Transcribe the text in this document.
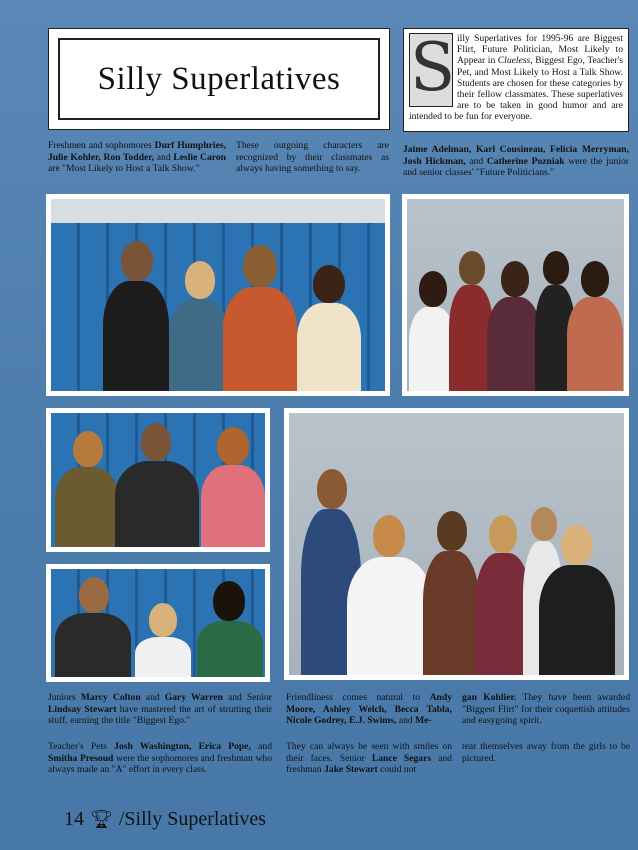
Silly Superlatives S illy Superlatives for 1995-96 are Biggest Flirt, Future Politician, Most Likely to Appear in Clueless, Biggest Ego, Teacher's Pet, and Most Likely to Host a Talk Show. Students are chosen for these categories by their fellow classmates. These superlatives are to be taken in good humor and are intended to be fun for everyone.
Freshmen and sophomores Durf Humphries, Julie Kohler, Ron Todder, and Leslie Caron are "Most Likely to Host a Talk Show."
These outgoing characters are recognized by their classmates as always having something to say.
Jaime Adelman, Karl Cousineau, Felicia Merryman, Josh Hickman, and Catherine Pozniak were the junior and senior classes' "Future Politicians."
Juniors Marcy Colton and Gary Warren and Senior Lindsay Stewart have mastered the art of strutting their stuff, earning the title "Biggest Ego."
Teacher's Pets Josh Washington, Erica Pope, and Smitha Presoud were the sophomores and freshman who always made an "A" effort in every class.
Friendliness comes natural to Andy Moore, Ashley Welch, Becca Tabla, Nicole Godrey, E.J. Swims, and Me-
They can always be seen with smiles on their faces. Senior Lance Segars and freshman Jake Stewart could not
gan Kohlier. They have been awarded "Biggest Flirt" for their coquettish attitudes and easygoing spirit.
tear themselves away from the girls to be pictured.
14 🏆︎ /Silly Superlatives
